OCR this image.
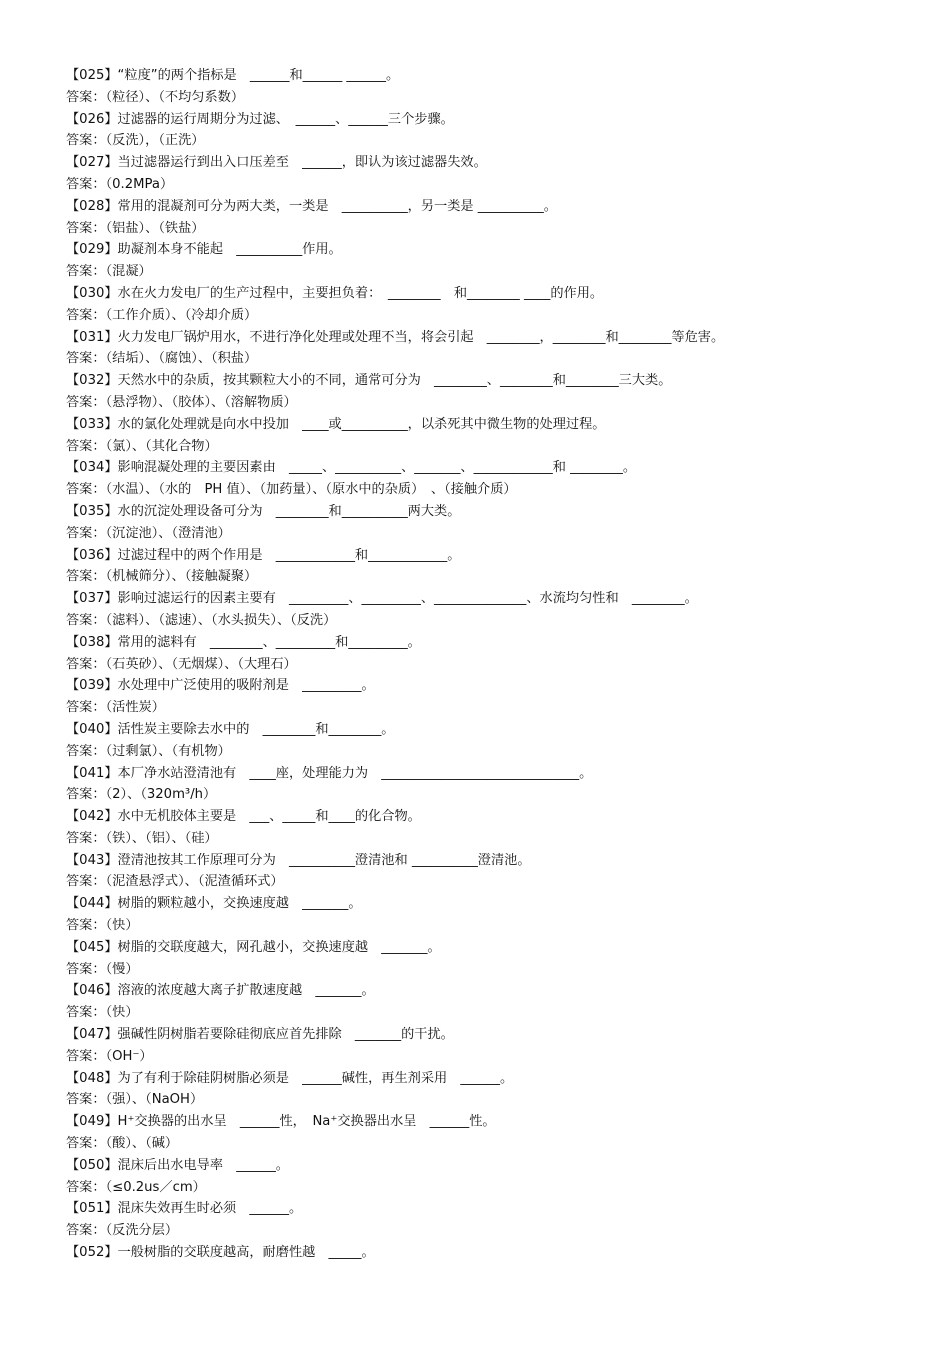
【025】“粒度”的两个指标是　______和______ ______。
答案：（粒径）、（不均匀系数）
【026】过滤器的运行周期分为过滤、　______、______三个步骤。
答案：（反洗），（正洗）
【027】当过滤器运行到出入口压差至　______，即认为该过滤器失效。
答案：（0.2MPa）
【028】常用的混凝剂可分为两大类，一类是　__________，另一类是 __________。
答案：（铝盐）、（铁盐）
【029】助凝剂本身不能起　__________作用。
答案：（混凝）
【030】水在火力发电厂的生产过程中，主要担负着：　________　和________ ____的作用。
答案：（工作介质）、（冷却介质）
【031】火力发电厂锅炉用水，不进行净化处理或处理不当，将会引起　________，________和________等危害。
答案：（结垢）、（腐蚀）、（积盐）
【032】天然水中的杂质，按其颗粒大小的不同，通常可分为　________、________和________三大类。
答案：（悬浮物）、（胶体）、（溶解物质）
【033】水的氯化处理就是向水中投加　____或__________，以杀死其中微生物的处理过程。
答案：（氯）、（其化合物）
【034】影响混凝处理的主要因素由　_____、__________、_______、____________和 ________。
答案：（水温）、（水的　PH 值）、（加药量）、（原水中的杂质）　、（接触介质）
【035】水的沉淀处理设备可分为　________和__________两大类。
答案：（沉淀池）、（澄清池）
【036】过滤过程中的两个作用是　____________和____________。
答案：（机械筛分）、（接触凝聚）
【037】影响过滤运行的因素主要有　_________、_________、______________、水流均匀性和　________。
答案：（滤料）、（滤速）、（水头损失）、（反洗）
【038】常用的滤料有　________、_________和_________。
答案：（石英砂）、（无烟煤）、（大理石）
【039】水处理中广泛使用的吸附剂是　_________。
答案：（活性炭）
【040】活性炭主要除去水中的　________和________。
答案：（过剩氯）、（有机物）
【041】本厂净水站澄清池有　____座，处理能力为　______________________________。
答案：（2）、（320m³/h）
【042】水中无机胶体主要是　___、_____和____的化合物。
答案：（铁）、（铝）、（硅）
【043】澄清池按其工作原理可分为　__________澄清池和 __________澄清池。
答案：（泥渣悬浮式）、（泥渣循环式）
【044】树脂的颗粒越小，交换速度越　_______。
答案：（快）
【045】树脂的交联度越大，网孔越小，交换速度越　_______。
答案：（慢）
【046】溶液的浓度越大离子扩散速度越　_______。
答案：（快）
【047】强碱性阴树脂若要除硅彻底应首先排除　_______的干扰。
答案：（OH⁻）
【048】为了有利于除硅阴树脂必须是　______碱性，再生剂采用　______。
答案：（强）、（NaOH）
【049】H⁺交换器的出水呈　______性，　Na⁺交换器出水呈　______性。
答案：（酸）、（碱）
【050】混床后出水电导率　______。
答案：（≤0.2us／cm）
【051】混床失效再生时必须　______。
答案：（反洗分层）
【052】一般树脂的交联度越高，耐磨性越　_____。
